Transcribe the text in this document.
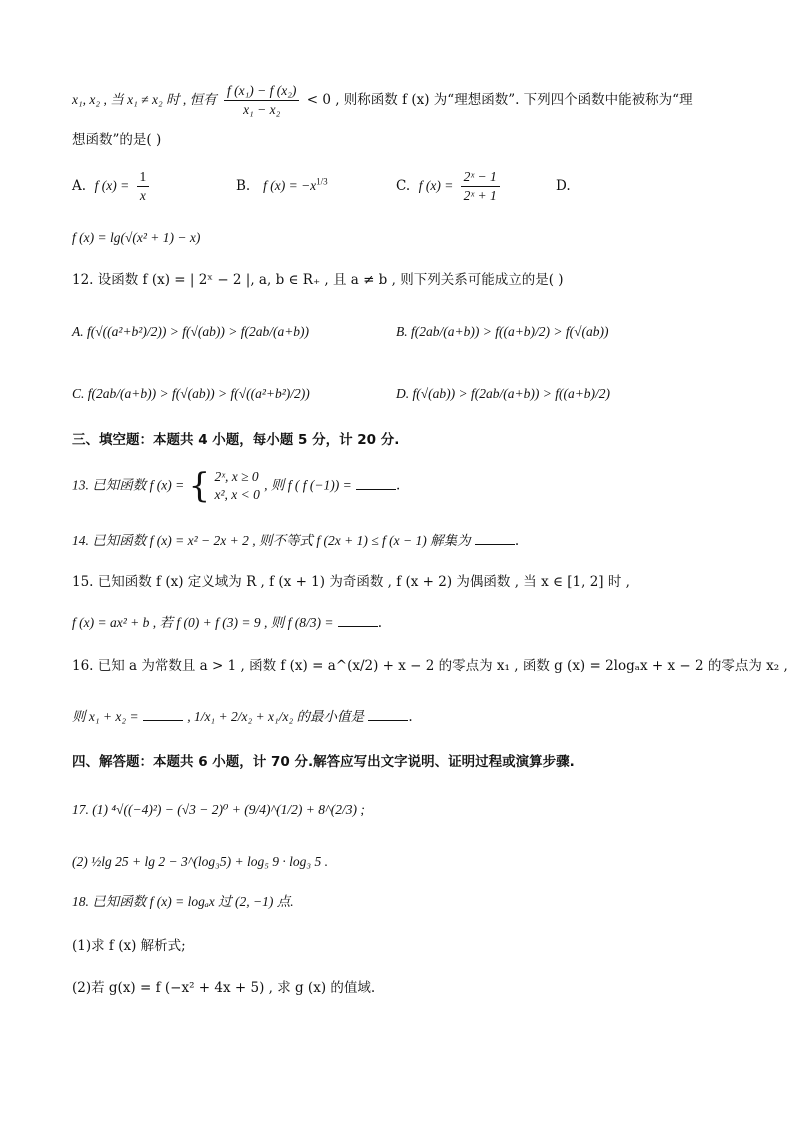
x₁, x₂ , 当 x₁ ≠ x₂ 时 , 恒有 $\frac{\text{f (x₁) − f (x₂)}}{\text{x₁ − x₂}} < 0$ , 则称函数 f (x) 为“理想函数”. 下列四个函数中能被称为“理
想函数”的是( )
A. f $(x) = \frac{1}{x}$	B. f $(x) = -x^{1/3}$	C. f $(x) = \frac{\text{2ˣ − 1}}{\text{2ˣ + 1}}$	D.
f (x) = lg(√(x² + 1) − x)
12. 设函数 f (x) = | 2ˣ − 2 |, a, b ∈ R₊ , 且 a ≠ b , 则下列关系可能成立的是( )
A. f(√((a²+b²)/2)) > f(√(ab)) > f(2ab/(a+b))	B. f(2ab/(a+b)) > f((a+b)/2) > f(√(ab))
C. f(2ab/(a+b)) > f(√(ab)) > f(√((a²+b²)/2))	D. f(√(ab)) > f(2ab/(a+b)) > f((a+b)/2)
三、填空题：本题共 4 小题，每小题 5 分，计 20 分.
13. 已知函数 f (x) = { 2ˣ, x ≥ 0
x², x < 0
, 则 f ( f (−1)) =	.
14. 已知函数 f (x) = x² − 2x + 2 , 则不等式 f (2x + 1) ≤ f (x − 1) 解集为	.
15. 已知函数 f (x) 定义域为 R , f (x + 1) 为奇函数 , f (x + 2) 为偶函数 , 当 x ∈ [1, 2] 时 ,
f (x) = ax² + b , 若 f (0) + f (3) = 9 , 则 f (8/3) =	.
16. 已知 a 为常数且 a > 1 , 函数 f (x) = a^(x/2) + x − 2 的零点为 x₁ , 函数 g (x) = 2logₐx + x − 2 的零点为 x₂ ,
则 x₁ + x₂ =	, 1/x₁ + 2/x₂ + x₁/x₂ 的最小值是	.
四、解答题：本题共 6 小题，计 70 分.解答应写出文字说明、证明过程或演算步骤.
17. (1) ⁴√((−4)²) − (√3 − 2)⁰ + (9/4)^(1/2) + 8^(2/3) ;
(2) ½lg 25 + lg 2 − 3^(log₃5) + log₅ 9 · log₃ 5 .
18. 已知函数 f (x) = logₐx 过 (2, −1) 点.
(1)求 f (x) 解析式;
(2)若 g(x) = f (−x² + 4x + 5) , 求 g (x) 的值域.
